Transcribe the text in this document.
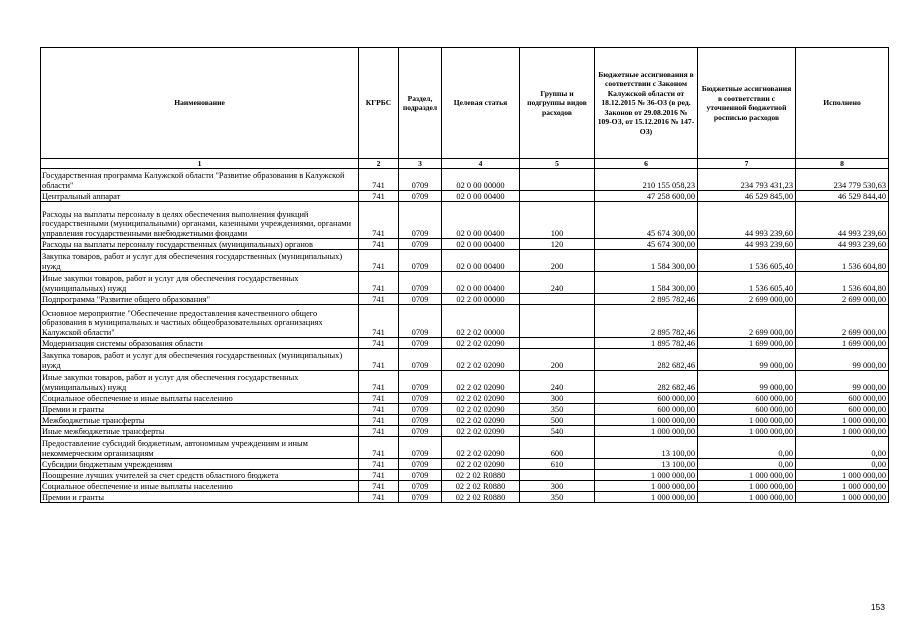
Наименование	КГРБС	Раздел, подраздел	Целевая статья	Группы и подгруппы видов расходов	Бюджетные ассигнования в соответствии с Законом Калужской области от 18.12.2015 № 36-ОЗ (в ред. Законов от 29.08.2016 № 109-ОЗ, от 15.12.2016 № 147-ОЗ)	Бюджетные ассигнования в соответствии с уточненной бюджетной росписью расходов	Исполнено
1	2	3	4	5	6	7	8
Государственная программа Калужской области "Развитие образования в Калужской области"	741	0709	02 0 00 00000		210 155 058,23	234 793 431,23	234 779 530,63
Центральный аппарат	741	0709	02 0 00 00400		47 258 600,00	46 529 845,00	46 529 844,40
Расходы на выплаты персоналу в целях обеспечения выполнения функций государственными (муниципальными) органами, казенными учреждениями, органами управления государственными внебюджетными фондами	741	0709	02 0 00 00400	100	45 674 300,00	44 993 239,60	44 993 239,60
Расходы на выплаты персоналу государственных (муниципальных) органов	741	0709	02 0 00 00400	120	45 674 300,00	44 993 239,60	44 993 239,60
Закупка товаров, работ и услуг для обеспечения государственных (муниципальных) нужд	741	0709	02 0 00 00400	200	1 584 300,00	1 536 605,40	1 536 604,80
Иные закупки товаров, работ и услуг для обеспечения государственных (муниципальных) нужд	741	0709	02 0 00 00400	240	1 584 300,00	1 536 605,40	1 536 604,80
Подпрограмма "Развитие общего образования"	741	0709	02 2 00 00000		2 895 782,46	2 699 000,00	2 699 000,00
Основное мероприятие "Обеспечение предоставления качественного общего образования в муниципальных и частных общеобразовательных организациях Калужской области"	741	0709	02 2 02 00000		2 895 782,46	2 699 000,00	2 699 000,00
Модернизация системы образования области	741	0709	02 2 02 02090		1 895 782,46	1 699 000,00	1 699 000,00
Закупка товаров, работ и услуг для обеспечения государственных (муниципальных) нужд	741	0709	02 2 02 02090	200	282 682,46	99 000,00	99 000,00
Иные закупки товаров, работ и услуг для обеспечения государственных (муниципальных) нужд	741	0709	02 2 02 02090	240	282 682,46	99 000,00	99 000,00
Социальное обеспечение и иные выплаты населению	741	0709	02 2 02 02090	300	600 000,00	600 000,00	600 000,00
Премии и гранты	741	0709	02 2 02 02090	350	600 000,00	600 000,00	600 000,00
Межбюджетные трансферты	741	0709	02 2 02 02090	500	1 000 000,00	1 000 000,00	1 000 000,00
Иные межбюджетные трансферты	741	0709	02 2 02 02090	540	1 000 000,00	1 000 000,00	1 000 000,00
Предоставление субсидий бюджетным, автономным учреждениям и иным некоммерческим организациям	741	0709	02 2 02 02090	600	13 100,00	0,00	0,00
Субсидии бюджетным учреждениям	741	0709	02 2 02 02090	610	13 100,00	0,00	0,00
Поощрение лучших учителей за счет средств областного бюджета	741	0709	02 2 02 R0880		1 000 000,00	1 000 000,00	1 000 000,00
Социальное обеспечение и иные выплаты населению	741	0709	02 2 02 R0880	300	1 000 000,00	1 000 000,00	1 000 000,00
Премии и гранты	741	0709	02 2 02 R0880	350	1 000 000,00	1 000 000,00	1 000 000,00
153
